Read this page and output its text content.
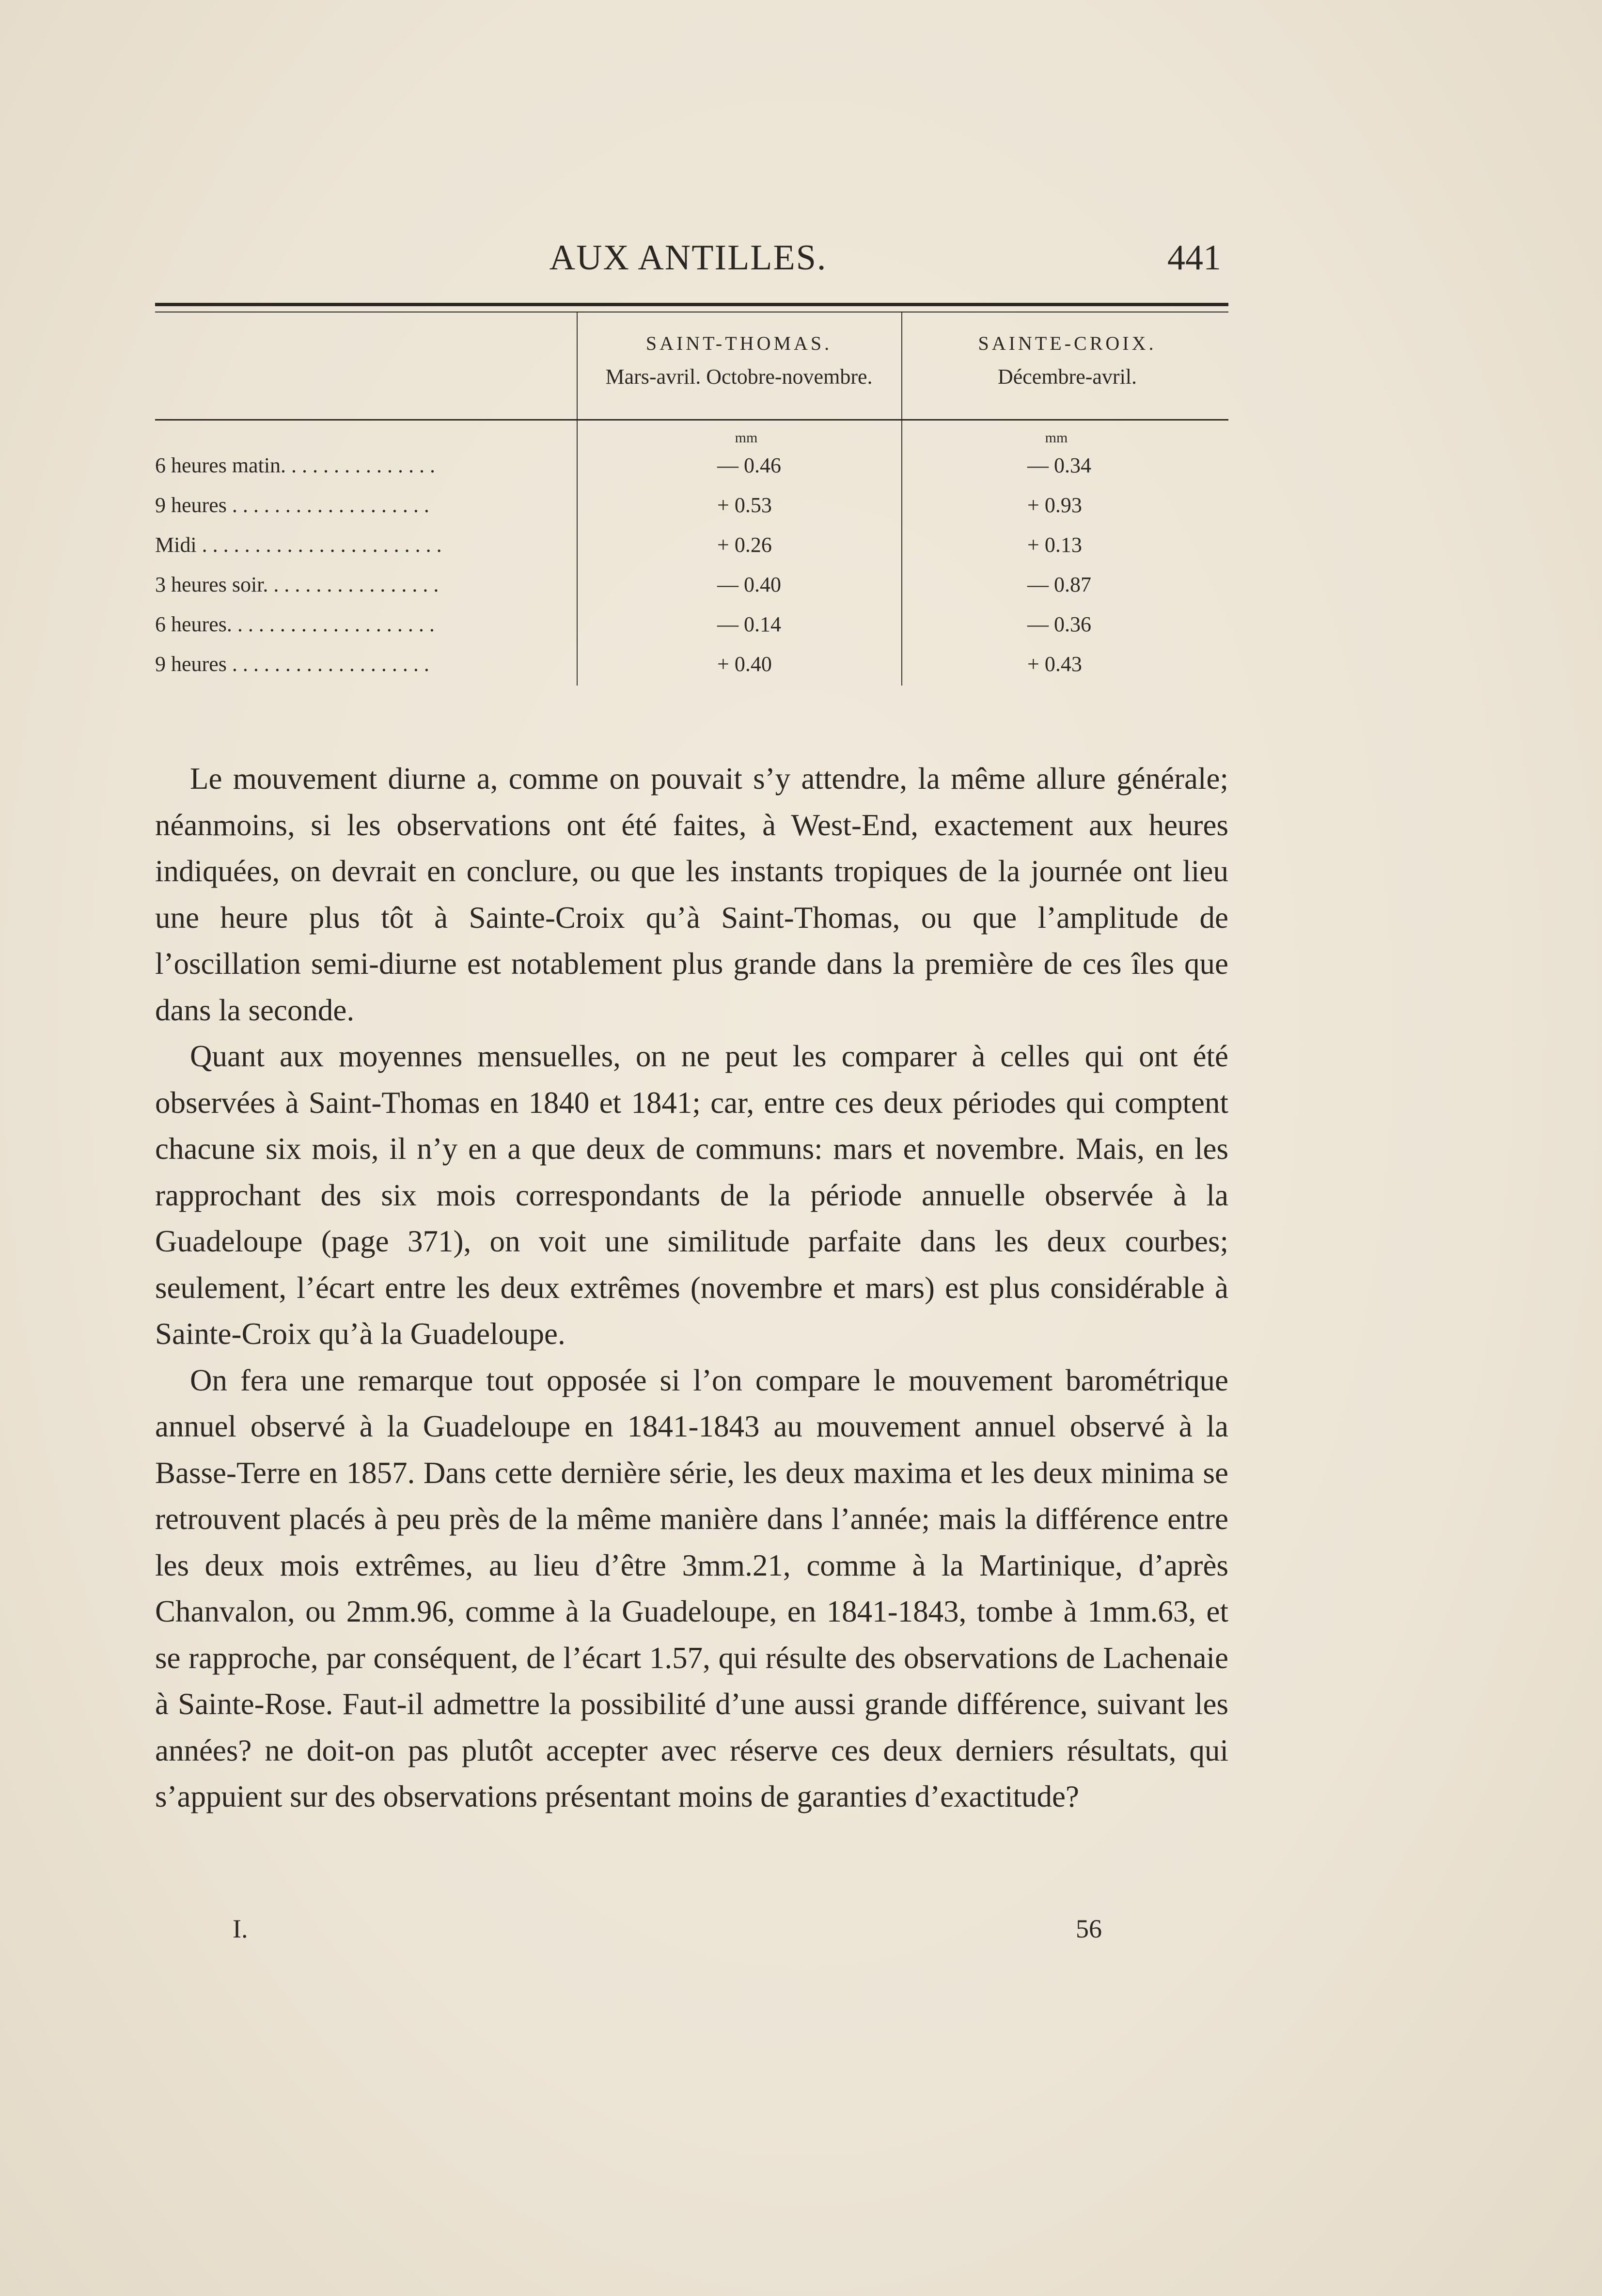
AUX ANTILLES.	441
SAINT-THOMAS.
Mars-avril. Octobre-novembre.
SAINTE-CROIX.
Décembre-avril.
mm	mm
6 heures matin. . . . . . . . . . . . . . .	— 0.46	— 0.34
9 heures . . . . . . . . . . . . . . . . . . .	+ 0.53	+ 0.93
Midi . . . . . . . . . . . . . . . . . . . . . . .	+ 0.26	+ 0.13
3 heures soir. . . . . . . . . . . . . . . . .	— 0.40	— 0.87
6 heures. . . . . . . . . . . . . . . . . . . .	— 0.14	— 0.36
9 heures . . . . . . . . . . . . . . . . . . .	+ 0.40	+ 0.43

Le mouvement diurne a, comme on pouvait s’y attendre, la même allure générale; néanmoins, si les observations ont été faites, à West-End, exactement aux heures indiquées, on devrait en conclure, ou que les instants tropiques de la journée ont lieu une heure plus tôt à Sainte-Croix qu’à Saint-Thomas, ou que l’amplitude de l’oscillation semi-diurne est notablement plus grande dans la première de ces îles que dans la seconde.

Quant aux moyennes mensuelles, on ne peut les comparer à celles qui ont été observées à Saint-Thomas en 1840 et 1841; car, entre ces deux périodes qui comptent chacune six mois, il n’y en a que deux de communs: mars et novembre. Mais, en les rapprochant des six mois correspondants de la période annuelle observée à la Guadeloupe (page 371), on voit une similitude parfaite dans les deux courbes; seulement, l’écart entre les deux extrêmes (novembre et mars) est plus considérable à Sainte-Croix qu’à la Guadeloupe.

On fera une remarque tout opposée si l’on compare le mouvement barométrique annuel observé à la Guadeloupe en 1841-1843 au mouvement annuel observé à la Basse-Terre en 1857. Dans cette dernière série, les deux maxima et les deux minima se retrouvent placés à peu près de la même manière dans l’année; mais la différence entre les deux mois extrêmes, au lieu d’être 3mm.21, comme à la Martinique, d’après Chanvalon, ou 2mm.96, comme à la Guadeloupe, en 1841-1843, tombe à 1mm.63, et se rapproche, par conséquent, de l’écart 1.57, qui résulte des observations de Lachenaie à Sainte-Rose. Faut-il admettre la possibilité d’une aussi grande différence, suivant les années? ne doit-on pas plutôt accepter avec réserve ces deux derniers résultats, qui s’appuient sur des observations présentant moins de garanties d’exactitude?

I.	56
